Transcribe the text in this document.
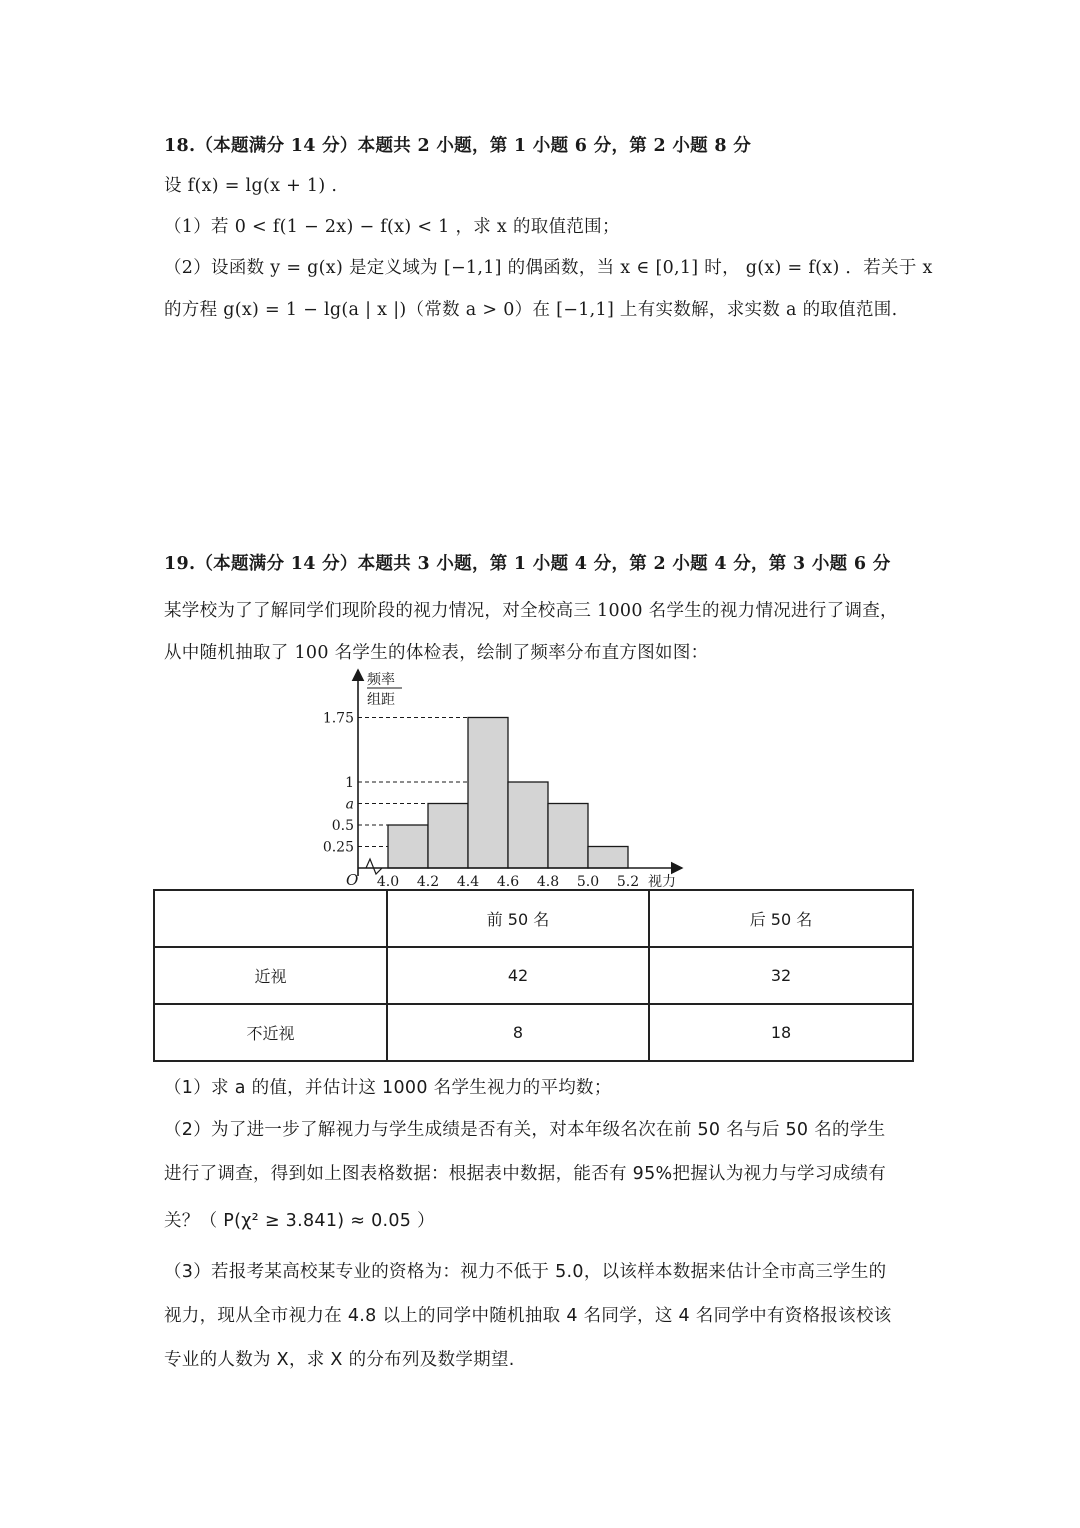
18.（本题满分 14 分）本题共 2 小题，第 1 小题 6 分，第 2 小题 8 分
设 f(x) = lg(x + 1) .
（1）若 0 < f(1 − 2x) − f(x) < 1 ，求 x 的取值范围；
（2）设函数 y = g(x) 是定义域为 [−1,1] 的偶函数，当 x ∈ [0,1] 时， g(x) = f(x) ．若关于 x
的方程 g(x) = 1 − lg(a | x |)（常数 a > 0）在 [−1,1] 上有实数解，求实数 a 的取值范围.
19.（本题满分 14 分）本题共 3 小题，第 1 小题 4 分，第 2 小题 4 分，第 3 小题 6 分
某学校为了了解同学们现阶段的视力情况，对全校高三 1000 名学生的视力情况进行了调查，
从中随机抽取了 100 名学生的体检表，绘制了频率分布直方图如图：
频率
组距
O	视力
0.25
0.5
a
1
1.75
4.0 4.2 4.4 4.6 4.8 5.0 5.2
	前 50 名	后 50 名
近视	42	32
不近视	8	18
（1）求 a 的值，并估计这 1000 名学生视力的平均数；
（2）为了进一步了解视力与学生成绩是否有关，对本年级名次在前 50 名与后 50 名的学生
进行了调查，得到如上图表格数据：根据表中数据，能否有 95%把握认为视力与学习成绩有
关？（ P(χ² ≥ 3.841) ≈ 0.05 ）
（3）若报考某高校某专业的资格为：视力不低于 5.0，以该样本数据来估计全市高三学生的
视力，现从全市视力在 4.8 以上的同学中随机抽取 4 名同学，这 4 名同学中有资格报该校该
专业的人数为 X，求 X 的分布列及数学期望.
